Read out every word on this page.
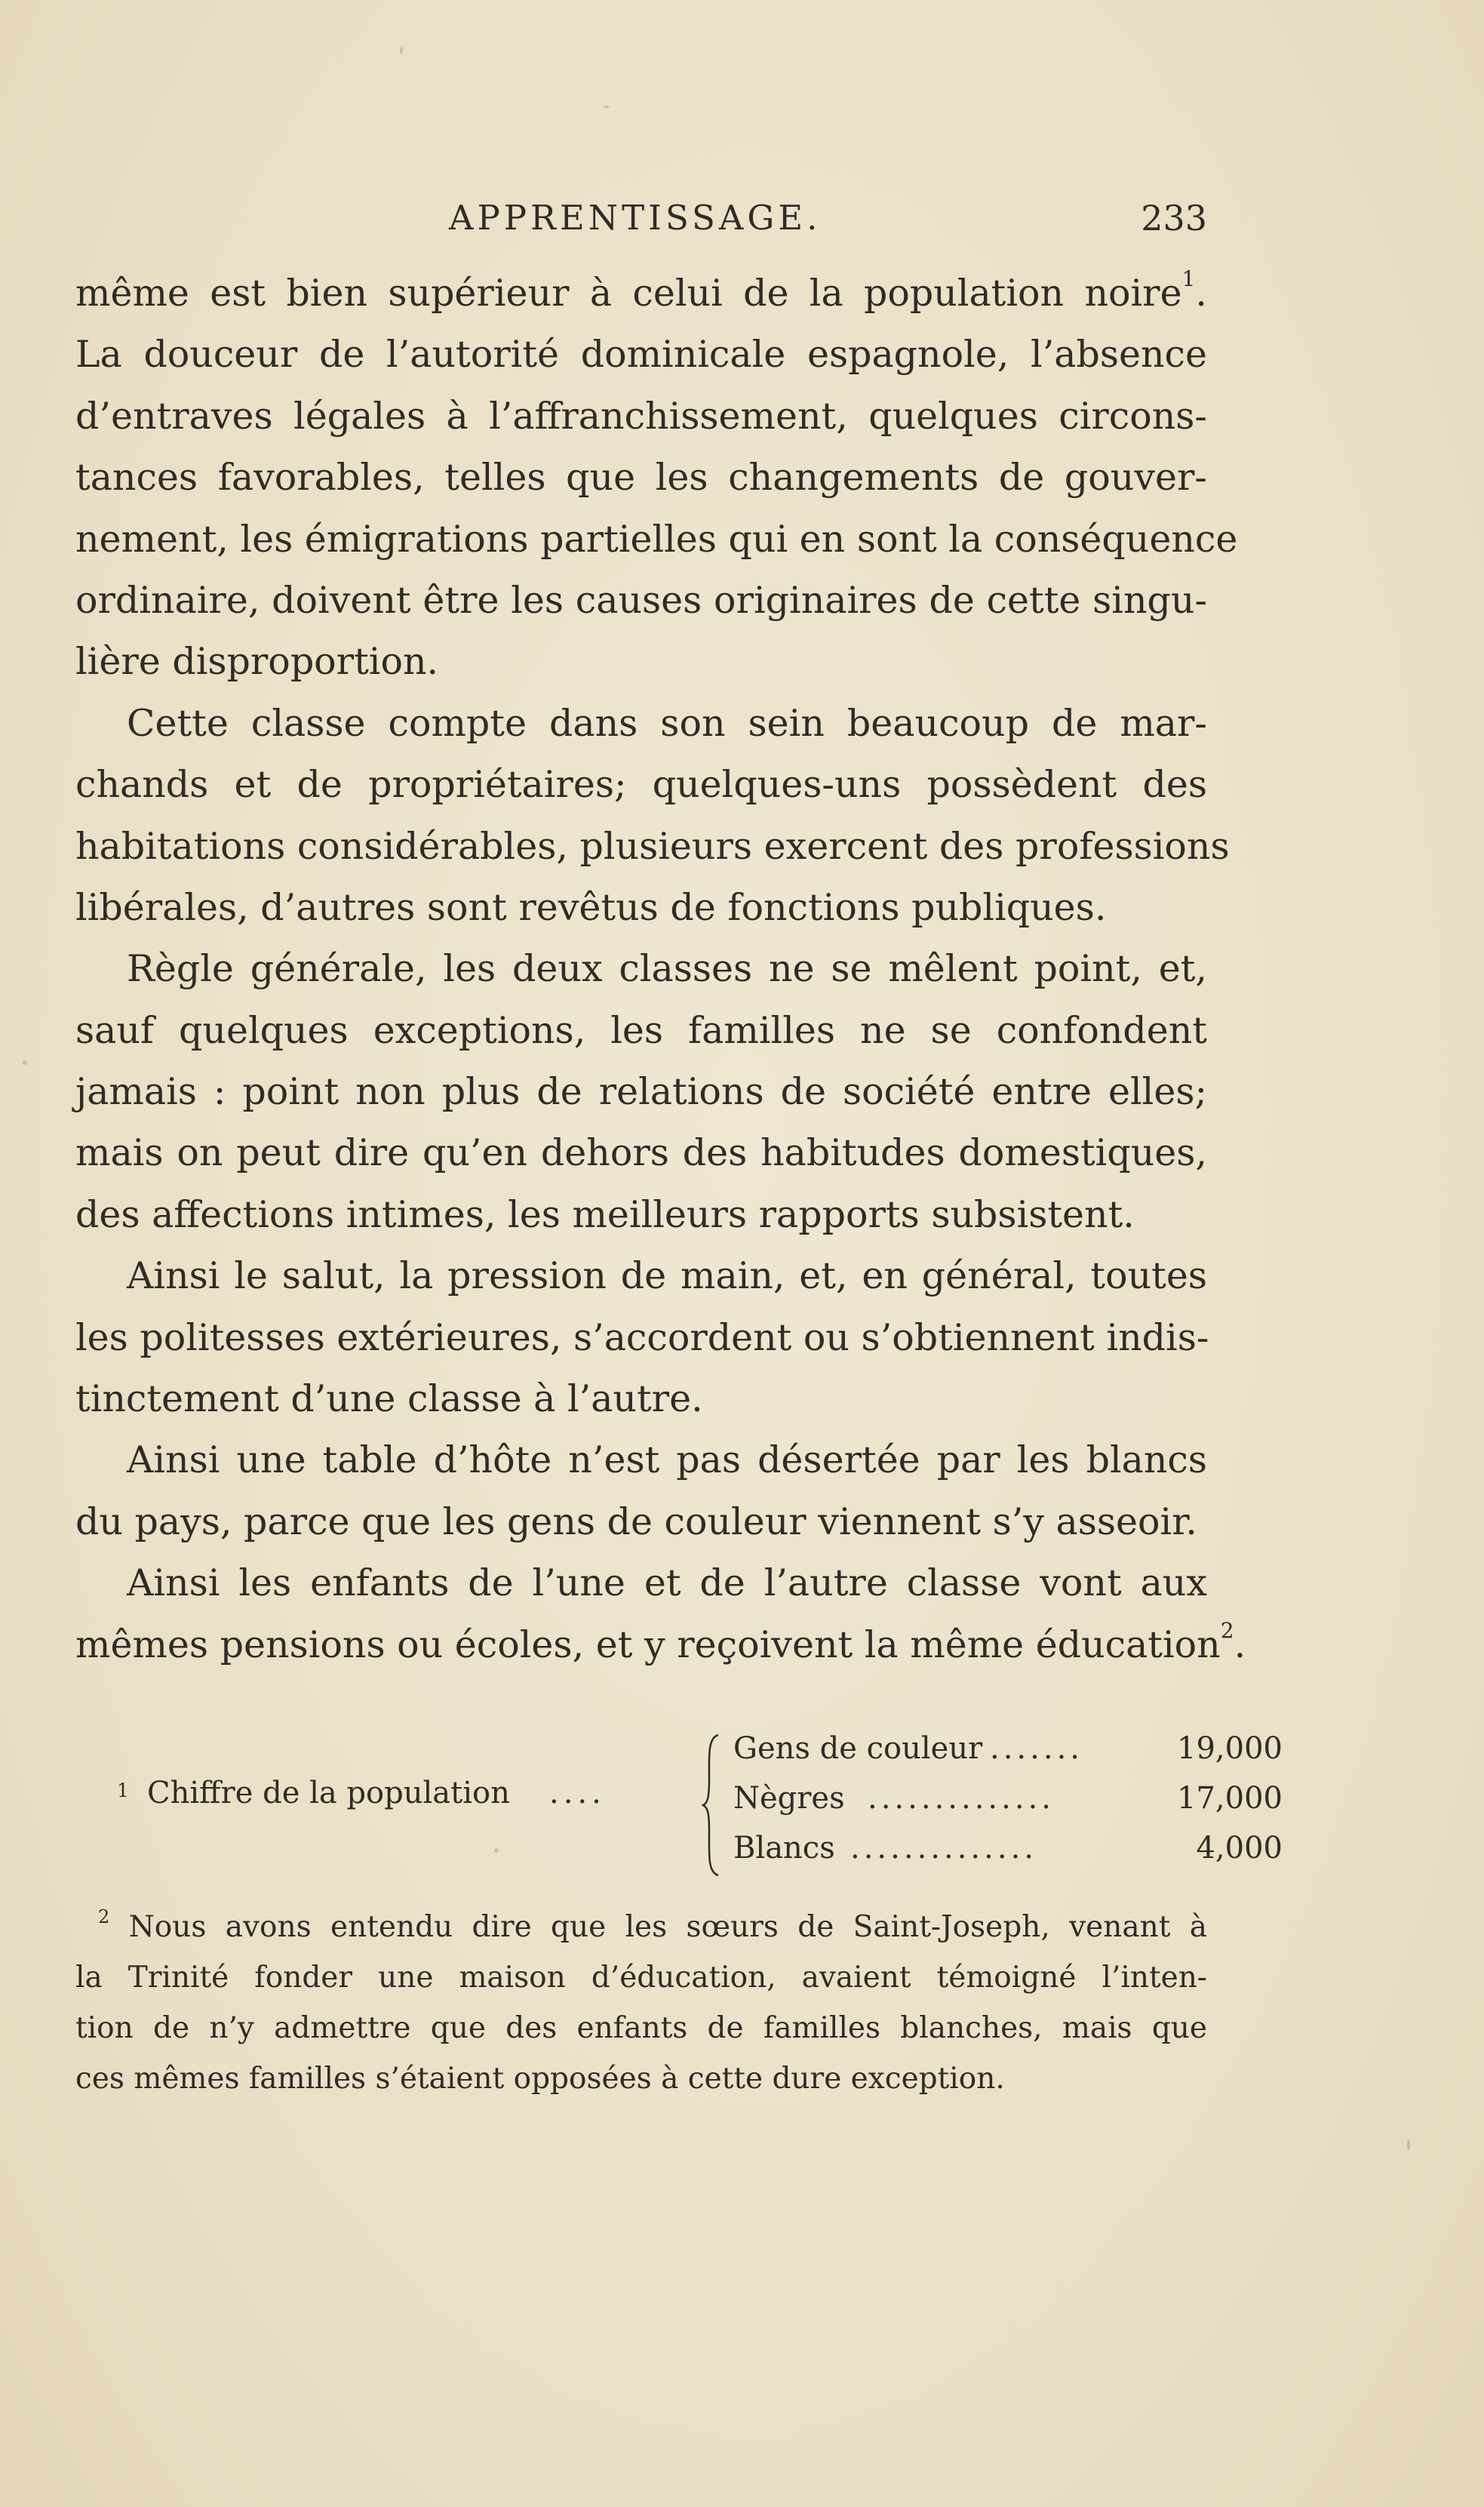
APPRENTISSAGE.	233
même est bien supérieur à celui de la population noire$^1$.
La douceur de l’autorité dominicale espagnole, l’absence
d’entraves légales à l’affranchissement, quelques circons-
tances favorables, telles que les changements de gouver-
nement, les émigrations partielles qui en sont la conséquence
ordinaire, doivent être les causes originaires de cette singu-
lière disproportion.
Cette classe compte dans son sein beaucoup de mar-
chands et de propriétaires; quelques-uns possèdent des
habitations considérables, plusieurs exercent des professions
libérales, d’autres sont revêtus de fonctions publiques.
Règle générale, les deux classes ne se mêlent point, et,
sauf quelques exceptions, les familles ne se confondent
jamais : point non plus de relations de société entre elles;
mais on peut dire qu’en dehors des habitudes domestiques,
des affections intimes, les meilleurs rapports subsistent.
Ainsi le salut, la pression de main, et, en général, toutes
les politesses extérieures, s’accordent ou s’obtiennent indis-
tinctement d’une classe à l’autre.
Ainsi une table d’hôte n’est pas désertée par les blancs
du pays, parce que les gens de couleur viennent s’y asseoir.
Ainsi les enfants de l’une et de l’autre classe vont aux
mêmes pensions ou écoles, et y reçoivent la même éducation$^2$.
1 Chiffre de la population ....
Gens de couleur .......	19,000
Nègres ..............	17,000
Blancs ..............	4,000
$^2$ Nous avons entendu dire que les sœurs de Saint-Joseph, venant à
la Trinité fonder une maison d’éducation, avaient témoigné l’inten-
tion de n’y admettre que des enfants de familles blanches, mais que
ces mêmes familles s’étaient opposées à cette dure exception.
